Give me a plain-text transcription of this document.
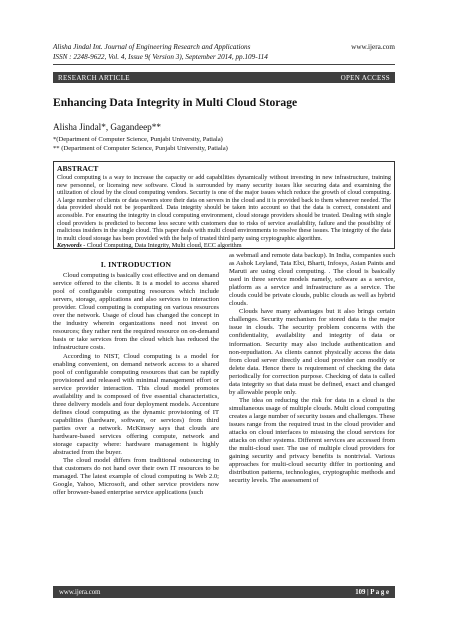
Alisha Jindal Int. Journal of Engineering Research and Applications	www.ijera.com
ISSN : 2248-9622, Vol. 4, Issue 9( Version 3), September 2014, pp.109-114
RESEARCH ARTICLE	OPEN ACCESS
Enhancing Data Integrity in Multi Cloud Storage
Alisha Jindal*, Gagandeep**
*(Department of Computer Science, Punjabi University, Patiala)
** (Department of Computer Science, Punjabi University, Patiala)
ABSTRACT
Cloud computing is a way to increase the capacity or add capabilities dynamically without investing in new infrastructure, training new personnel, or licensing new software. Cloud is surrounded by many security issues like securing data and examining the utilization of cloud by the cloud computing vendors. Security is one of the major issues which reduce the growth of cloud computing. A large number of clients or data owners store their data on servers in the cloud and it is provided back to them whenever needed. The data provided should not be jeopardized. Data integrity should be taken into account so that the data is correct, consistent and accessible. For ensuring the integrity in cloud computing environment, cloud storage providers should be trusted. Dealing with single cloud providers is predicted to become less secure with customers due to risks of service availability, failure and the possibility of malicious insiders in the single cloud. This paper deals with multi cloud environments to resolve these issues. The integrity of the data in multi cloud storage has been provided with the help of trusted third party using cryptographic algorithm.
Keywords - Cloud Computing, Data Integrity, Multi cloud, ECC algorithm
I. INTRODUCTION

Cloud computing is basically cost effective and on demand service offered to the clients. It is a model to access shared pool of configurable computing resources which include servers, storage, applications and also services to interaction provider. Cloud computing is computing on various resources over the network. Usage of cloud has changed the concept in the industry wherein organizations need not invest on resources; they rather rent the required resource on on-demand basis or take services from the cloud which has reduced the infrastructure costs.

According to NIST, Cloud computing is a model for enabling convenient, on demand network access to a shared pool of configurable computing resources that can be rapidly provisioned and released with minimal management effort or service provider interaction. This cloud model promotes availability and is composed of five essential characteristics, three delivery models and four deployment models. Accenture defines cloud computing as the dynamic provisioning of IT capabilities (hardware, software, or services) from third parties over a network. McKinsey says that clouds are hardware-based services offering compute, network and storage capacity where: hardware management is highly abstracted from the buyer.

The cloud model differs from traditional outsourcing in that customers do not hand over their own IT resources to be managed. The latest example of cloud computing is Web 2.0; Google, Yahoo, Microsoft, and other service providers now offer browser-based enterprise service applications (such

as webmail and remote data backup). In India, companies such as Ashok Leyland, Tata Elxi, Bharti, Infosys, Asian Paints and Maruti are using cloud computing. . The cloud is basically used in three service models namely, software as a service, platform as a service and infrastructure as a service. The clouds could be private clouds, public clouds as well as hybrid clouds.

Clouds have many advantages but it also brings certain challenges. Security mechanism for stored data is the major issue in clouds. The security problem concerns with the confidentiality, availability and integrity of data or information. Security may also include authentication and non-repudiation. As clients cannot physically access the data from cloud server directly and cloud provider can modify or delete data. Hence there is requirement of checking the data periodically for correction purpose. Checking of data is called data integrity so that data must be defined, exact and changed by allowable people only.

The idea on reducing the risk for data in a cloud is the simultaneous usage of multiple clouds. Multi cloud computing creates a large number of security issues and challenges. These issues range from the required trust in the cloud provider and attacks on cloud interfaces to misusing the cloud services for attacks on other systems. Different services are accessed from the multi-cloud user. The use of multiple cloud providers for gaining security and privacy benefits is nontrivial. Various approaches for multi-cloud security differ in portioning and distribution patterns, technologies, cryptographic methods and security levels. The assessment of

www.ijera.com	109 | P a g e
